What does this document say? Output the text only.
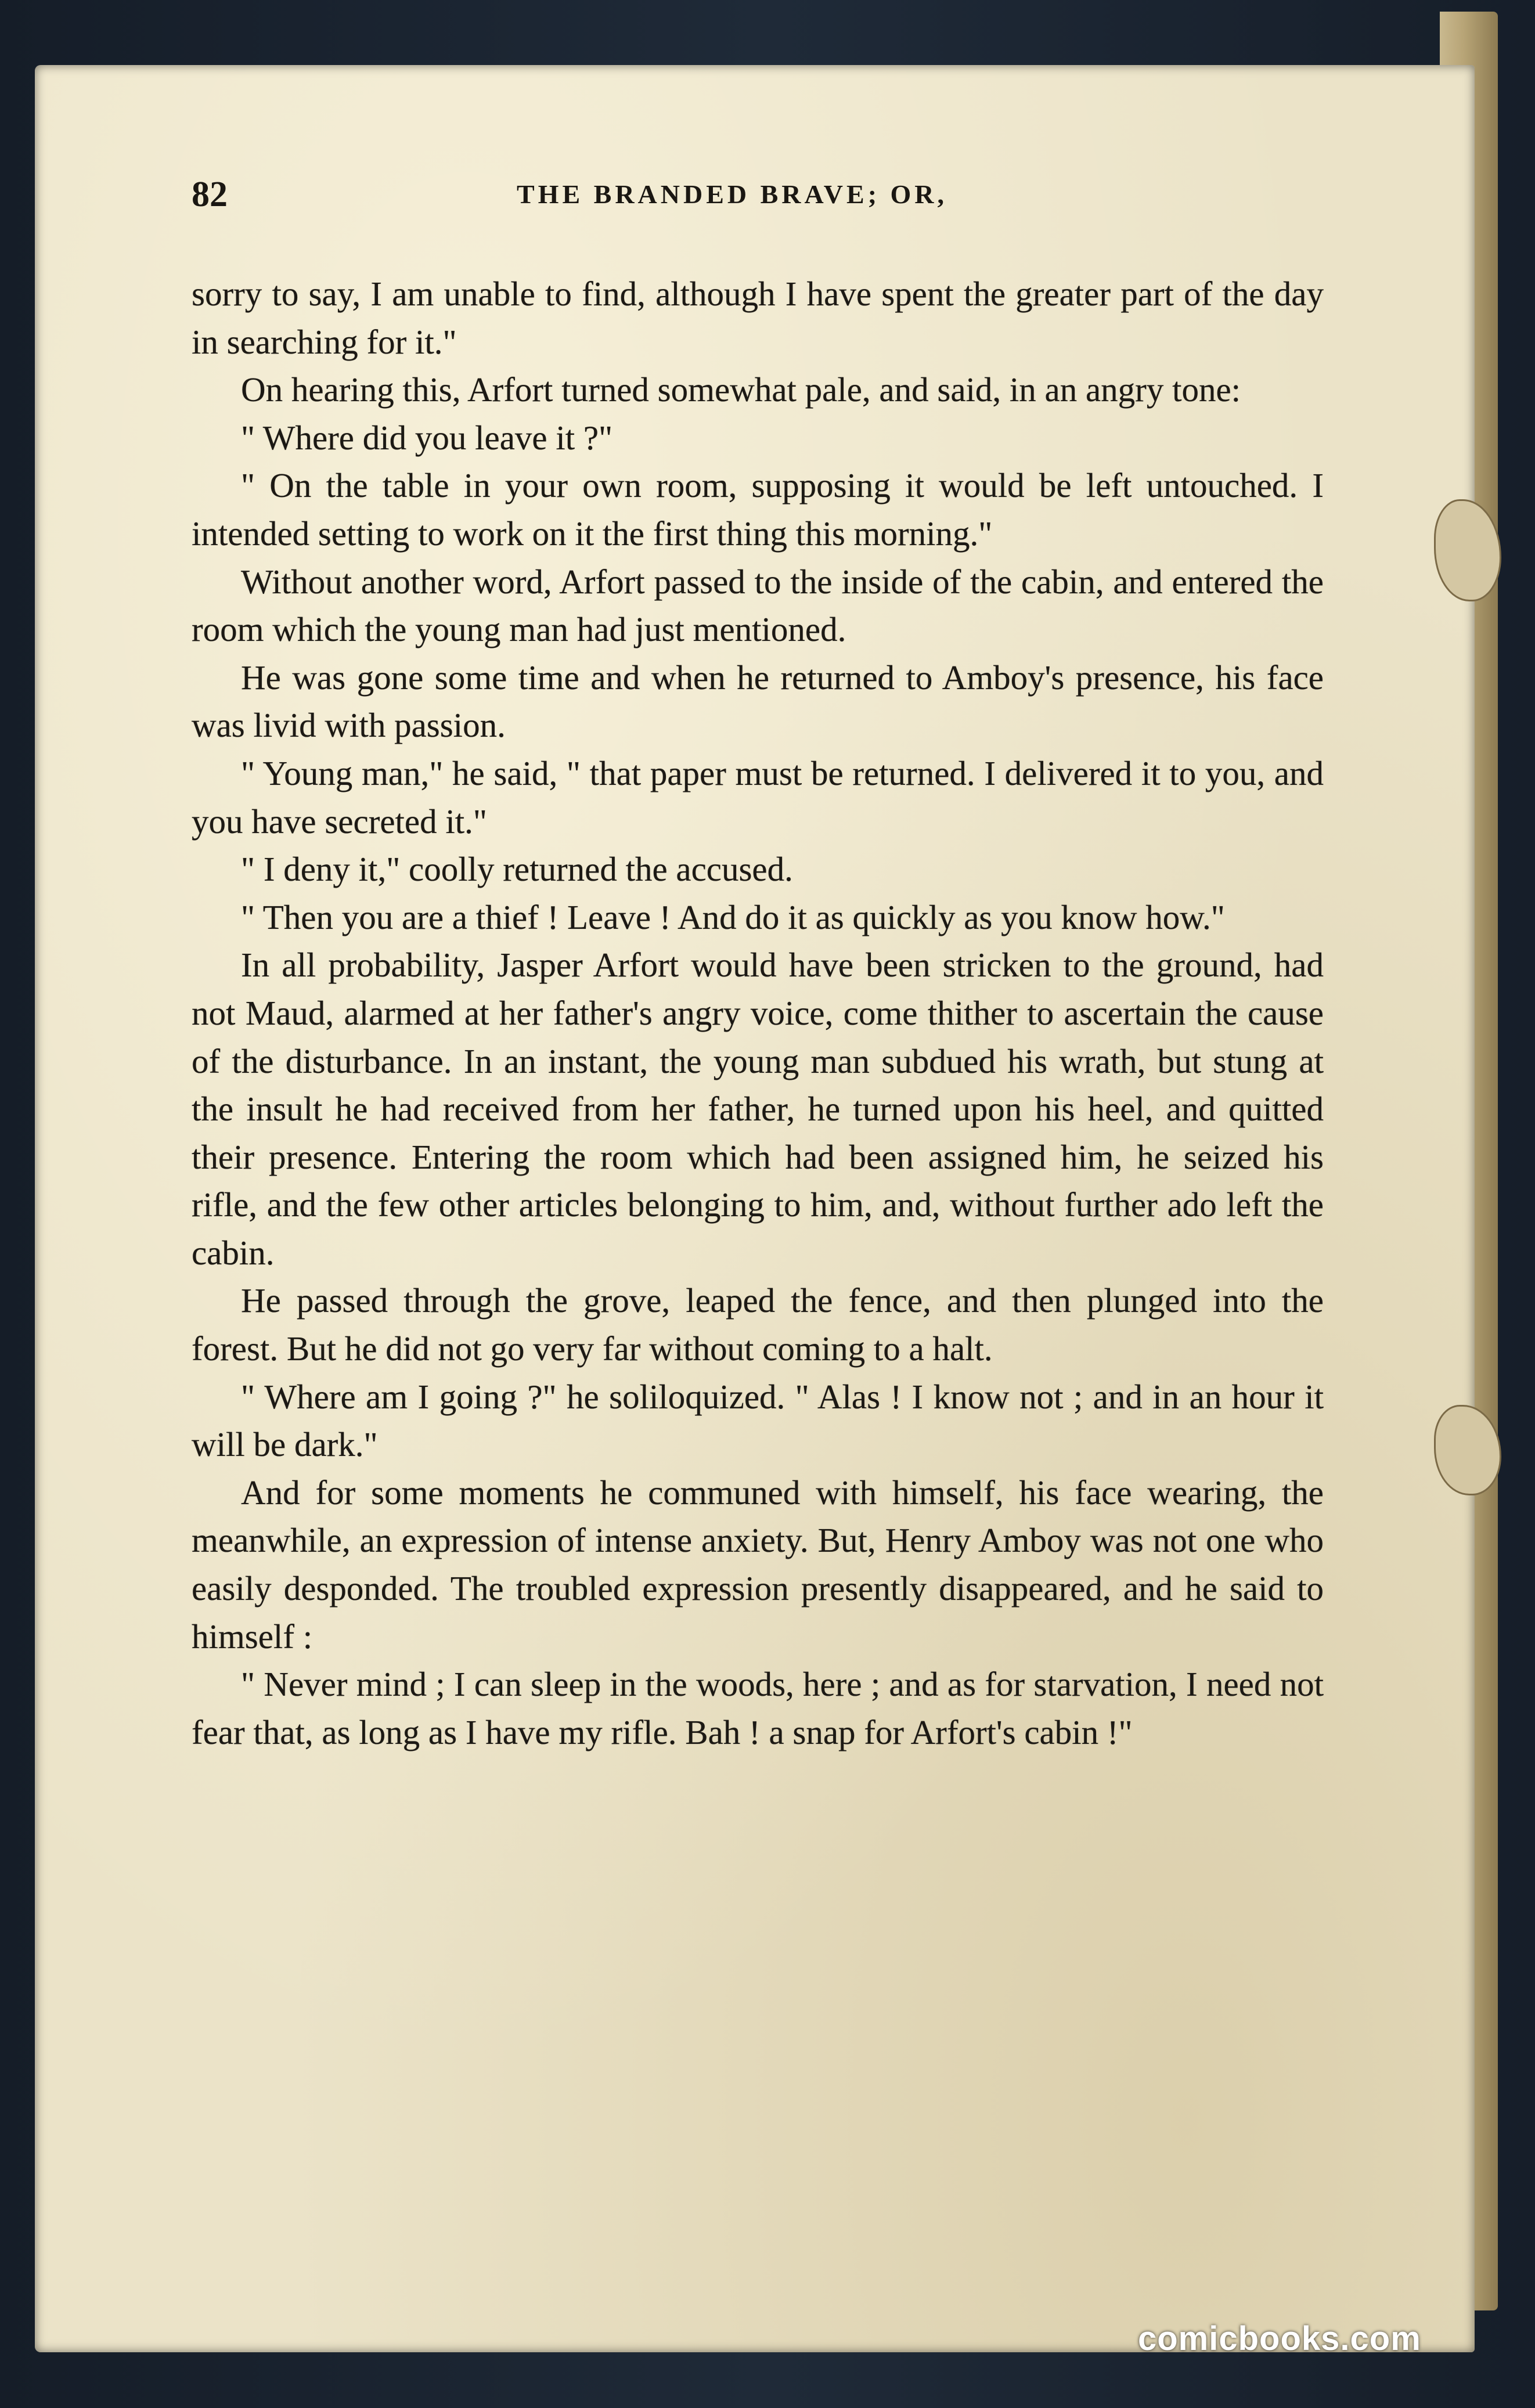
82	THE BRANDED BRAVE; OR,

sorry to say, I am unable to find, although I have spent the greater part of the day in searching for it."

On hearing this, Arfort turned somewhat pale, and said, in an angry tone:

" Where did you leave it ?"

" On the table in your own room, supposing it would be left untouched. I intended setting to work on it the first thing this morning."

Without another word, Arfort passed to the inside of the cabin, and entered the room which the young man had just mentioned.

He was gone some time and when he returned to Amboy's presence, his face was livid with passion.

" Young man," he said, " that paper must be returned. I delivered it to you, and you have secreted it."

" I deny it," coolly returned the accused.

" Then you are a thief ! Leave ! And do it as quickly as you know how."

In all probability, Jasper Arfort would have been stricken to the ground, had not Maud, alarmed at her father's angry voice, come thither to ascertain the cause of the disturbance. In an instant, the young man subdued his wrath, but stung at the insult he had received from her father, he turned upon his heel, and quitted their presence. Entering the room which had been assigned him, he seized his rifle, and the few other articles belonging to him, and, without further ado left the cabin.

He passed through the grove, leaped the fence, and then plunged into the forest. But he did not go very far without coming to a halt.

" Where am I going ?" he soliloquized. " Alas ! I know not ; and in an hour it will be dark."

And for some moments he communed with himself, his face wearing, the meanwhile, an expression of intense anxiety. But, Henry Amboy was not one who easily desponded. The troubled expression presently disappeared, and he said to himself :

" Never mind ; I can sleep in the woods, here ; and as for starvation, I need not fear that, as long as I have my rifle. Bah ! a snap for Arfort's cabin !"

comicbooks.com
